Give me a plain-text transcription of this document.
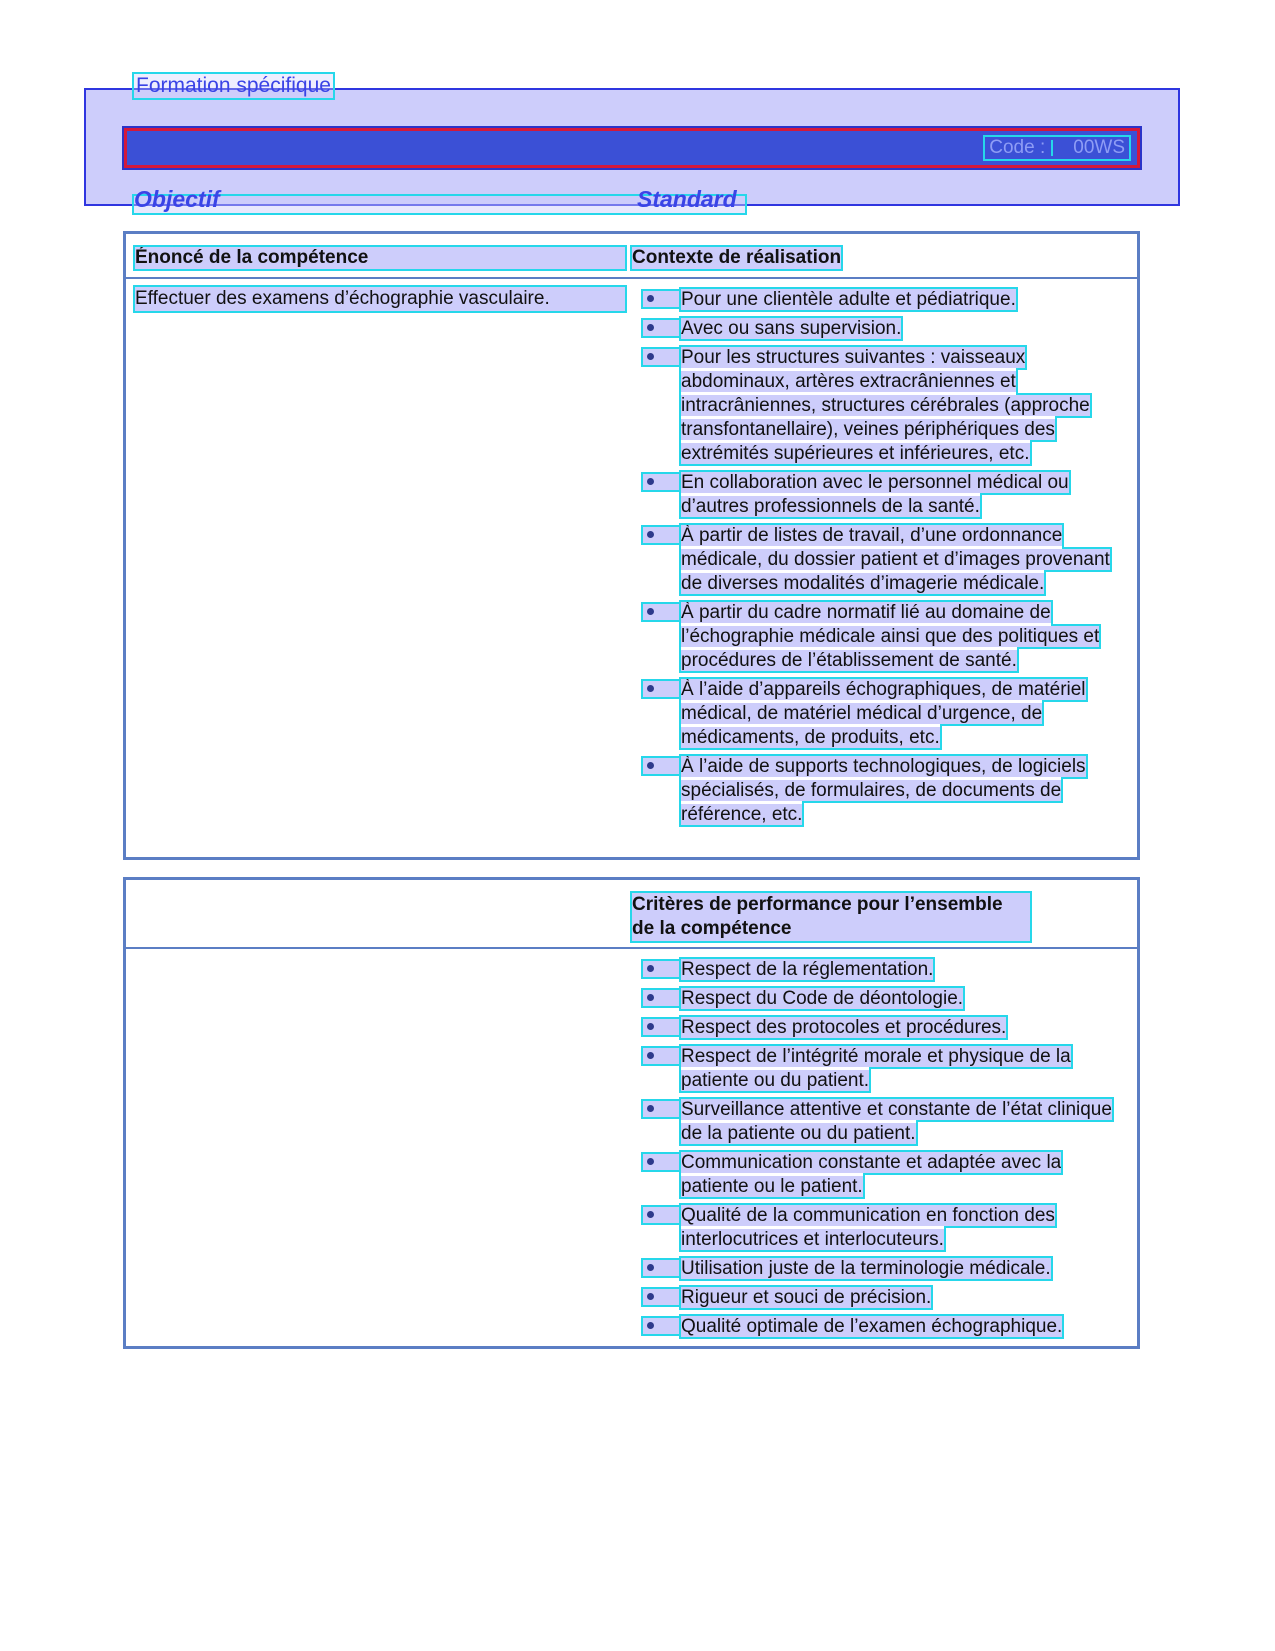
Code : 00WS
Formation spécifique
Objectif	Standard
Énoncé de la compétence	Contexte de réalisation
Effectuer des examens d’échographie vasculaire.	Pour une clientèle adulte et pédiatrique.
Avec ou sans supervision.
Pour les structures suivantes : vaisseaux abdominaux, artères extracrâniennes et intracrâniennes, structures cérébrales (approche transfontanellaire), veines périphériques des extrémités supérieures et inférieures, etc.
En collaboration avec le personnel médical ou d’autres professionnels de la santé.
À partir de listes de travail, d’une ordonnance médicale, du dossier patient et d’images provenant de diverses modalités d’imagerie médicale.
À partir du cadre normatif lié au domaine de l’échographie médicale ainsi que des politiques et procédures de l’établissement de santé.
À l’aide d’appareils échographiques, de matériel médical, de matériel médical d’urgence, de médicaments, de produits, etc.
À l’aide de supports technologiques, de logiciels spécialisés, de formulaires, de documents de référence, etc.
Critères de performance pour l’ensemble de la compétence
Respect de la réglementation.
Respect du Code de déontologie.
Respect des protocoles et procédures.
Respect de l’intégrité morale et physique de la patiente ou du patient.
Surveillance attentive et constante de l’état clinique de la patiente ou du patient.
Communication constante et adaptée avec la patiente ou le patient.
Qualité de la communication en fonction des interlocutrices et interlocuteurs.
Utilisation juste de la terminologie médicale.
Rigueur et souci de précision.
Qualité optimale de l’examen échographique.
